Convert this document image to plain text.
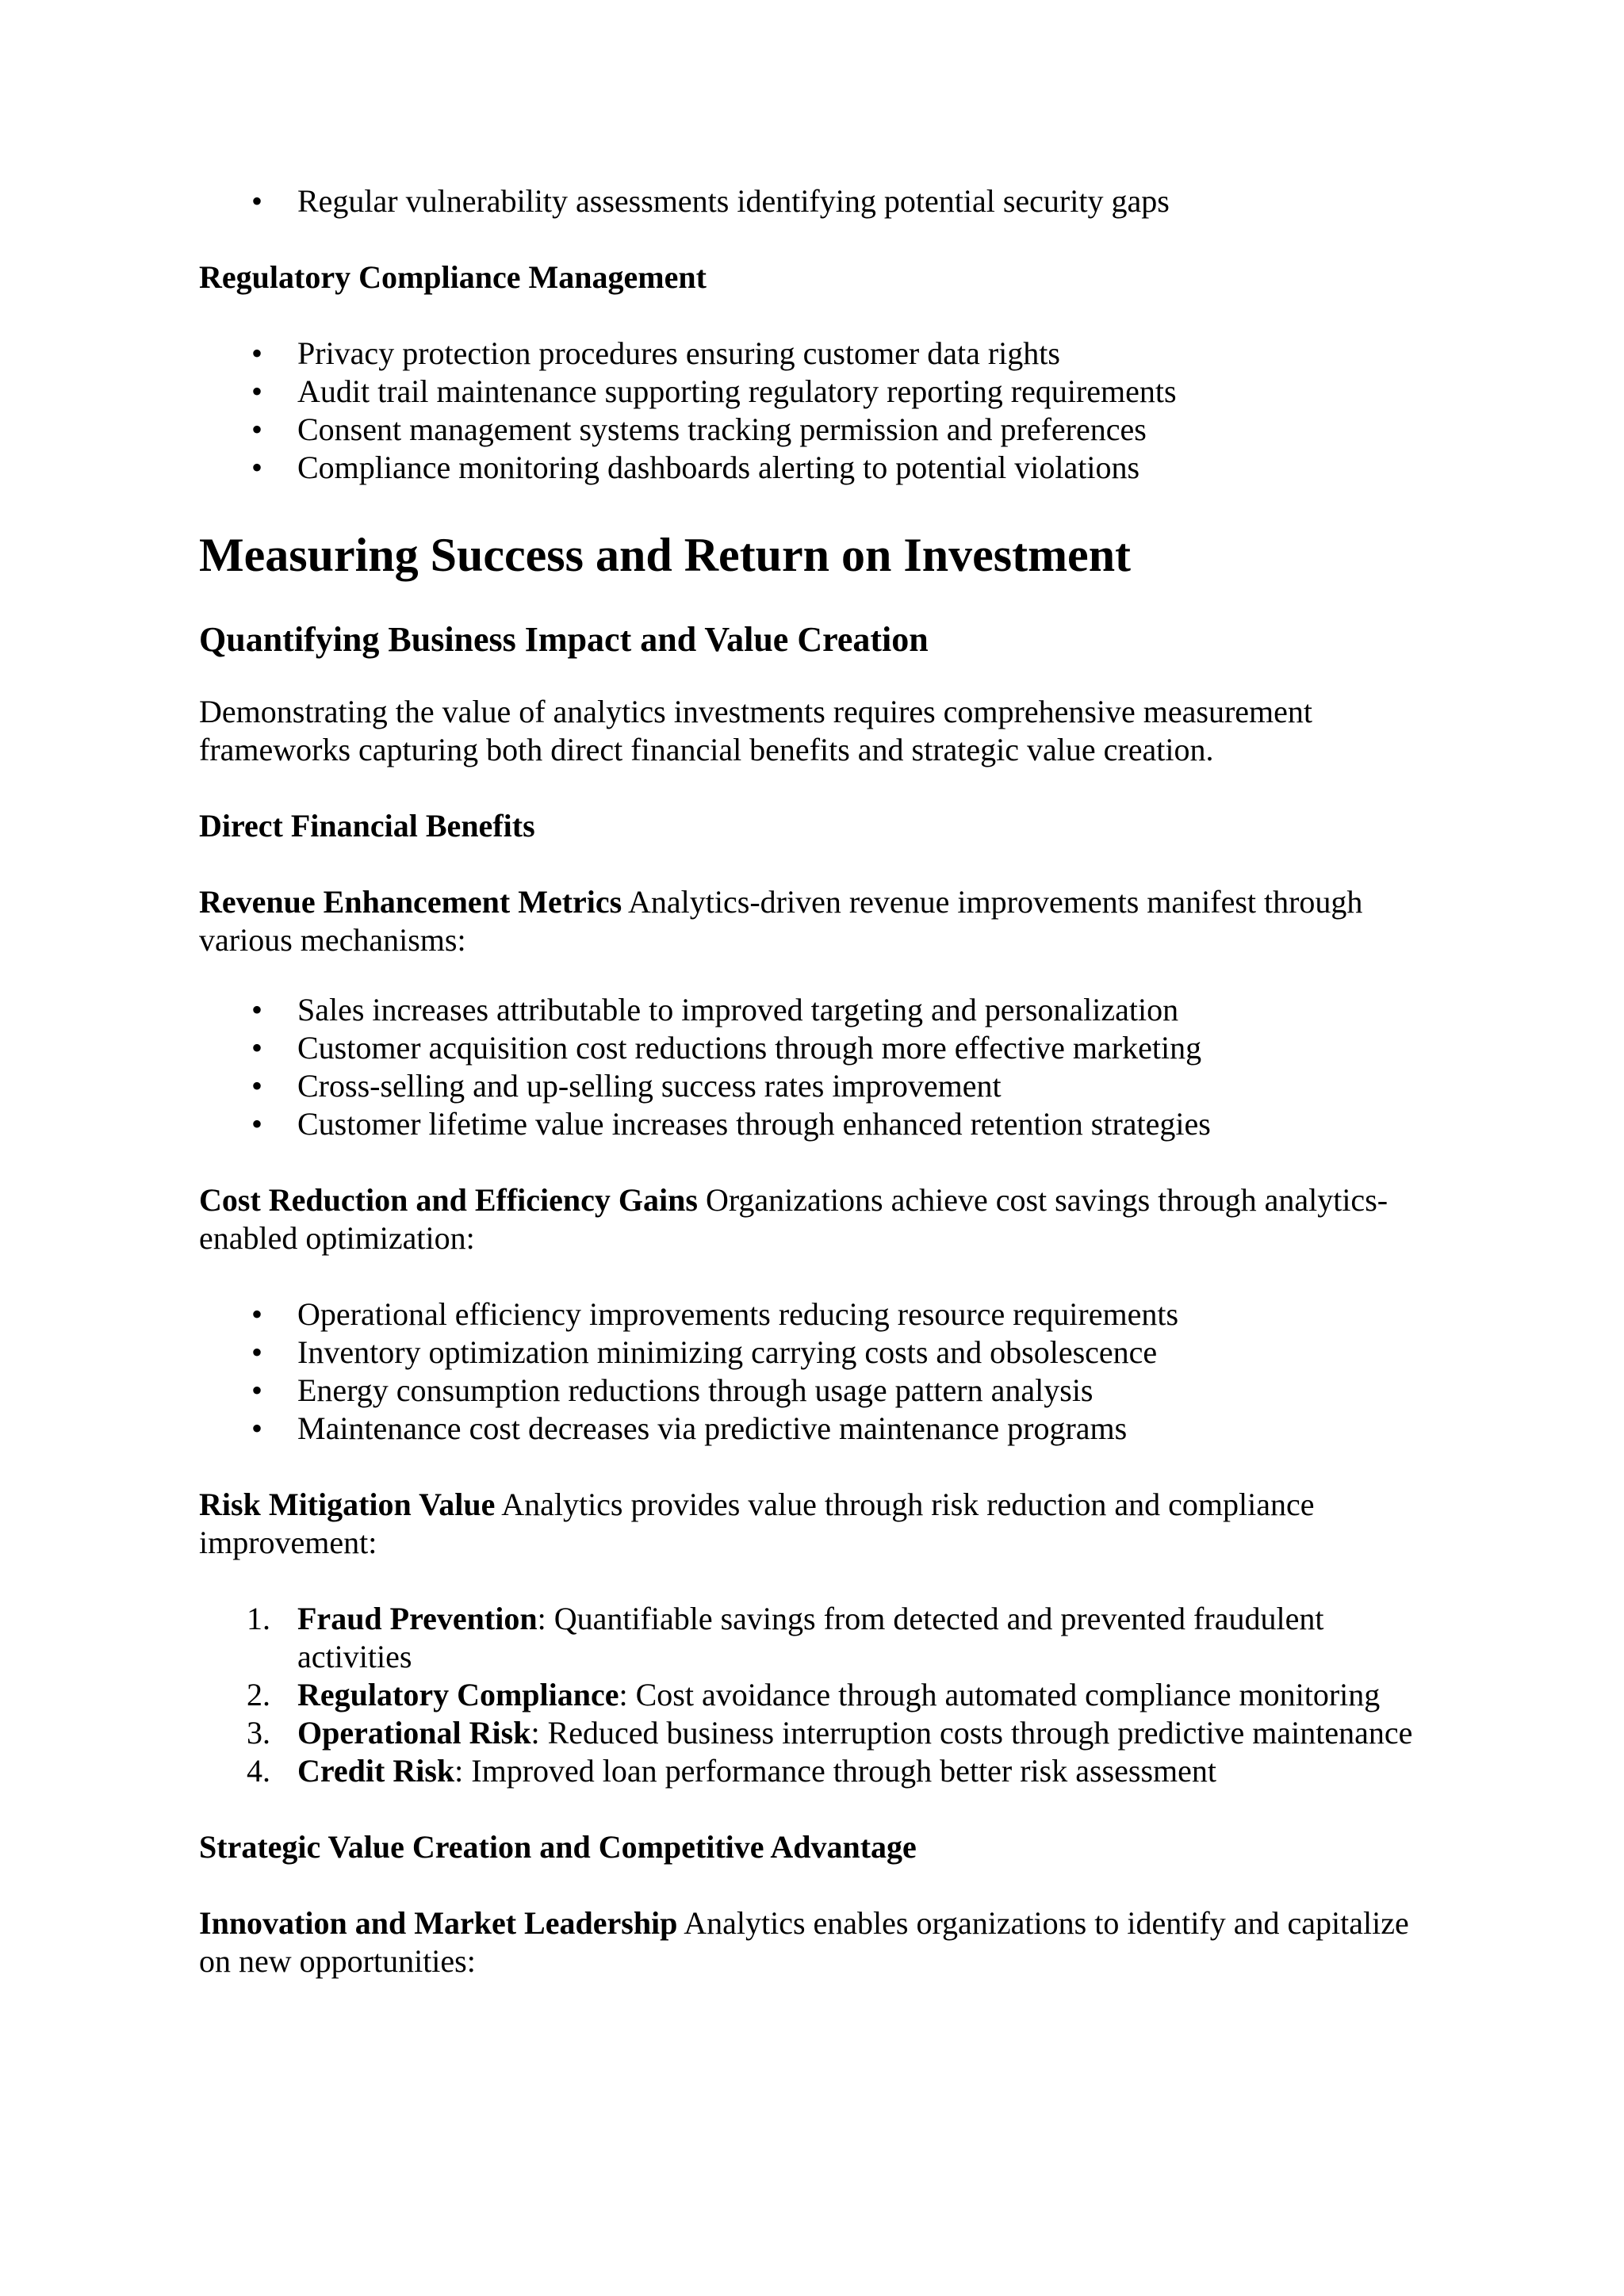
• Regular vulnerability assessments identifying potential security gaps

Regulatory Compliance Management

• Privacy protection procedures ensuring customer data rights
• Audit trail maintenance supporting regulatory reporting requirements
• Consent management systems tracking permission and preferences
• Compliance monitoring dashboards alerting to potential violations
Measuring Success and Return on Investment
Quantifying Business Impact and Value Creation

Demonstrating the value of analytics investments requires comprehensive measurement frameworks capturing both direct financial benefits and strategic value creation.

Direct Financial Benefits

Revenue Enhancement Metrics Analytics-driven revenue improvements manifest through various mechanisms:

• Sales increases attributable to improved targeting and personalization
• Customer acquisition cost reductions through more effective marketing
• Cross-selling and up-selling success rates improvement
• Customer lifetime value increases through enhanced retention strategies

Cost Reduction and Efficiency Gains Organizations achieve cost savings through analytics-enabled optimization:

• Operational efficiency improvements reducing resource requirements
• Inventory optimization minimizing carrying costs and obsolescence
• Energy consumption reductions through usage pattern analysis
• Maintenance cost decreases via predictive maintenance programs

Risk Mitigation Value Analytics provides value through risk reduction and compliance improvement:

1. Fraud Prevention: Quantifiable savings from detected and prevented fraudulent activities
2. Regulatory Compliance: Cost avoidance through automated compliance monitoring
3. Operational Risk: Reduced business interruption costs through predictive maintenance
4. Credit Risk: Improved loan performance through better risk assessment

Strategic Value Creation and Competitive Advantage

Innovation and Market Leadership Analytics enables organizations to identify and capitalize on new opportunities:
